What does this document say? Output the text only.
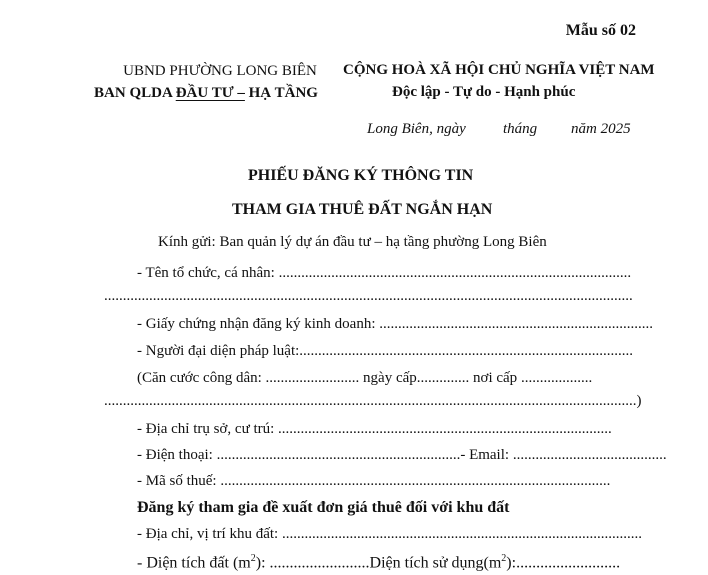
Mẫu số 02
UBND PHƯỜNG LONG BIÊN
BAN QLDA ĐẦU TƯ – HẠ TẦNG
CỘNG HOÀ XÃ HỘI CHỦ NGHĨA VIỆT NAM
Độc lập - Tự do - Hạnh phúc
Long Biên, ngày tháng năm 2025
PHIẾU ĐĂNG KÝ THÔNG TIN
THAM GIA THUÊ ĐẤT NGẮN HẠN
Kính gửi: Ban quản lý dự án đầu tư – hạ tầng phường Long Biên
- Tên tổ chức, cá nhân: ..............................................................................................
.............................................................................................................................................
- Giấy chứng nhận đăng ký kinh doanh: .........................................................................
- Người đại diện pháp luật:.........................................................................................
(Căn cước công dân: ......................... ngày cấp.............. nơi cấp ...................
..............................................................................................................................................)
- Địa chỉ trụ sở, cư trú: .........................................................................................
- Điện thoại: .................................................................- Email: .........................................
- Mã số thuế: ........................................................................................................
Đăng ký tham gia đề xuất đơn giá thuê đối với khu đất
- Địa chỉ, vị trí khu đất: ................................................................................................
- Diện tích đất $(m^2)$: .........................Diện tích sử $dụng(m^2)$:..........................
